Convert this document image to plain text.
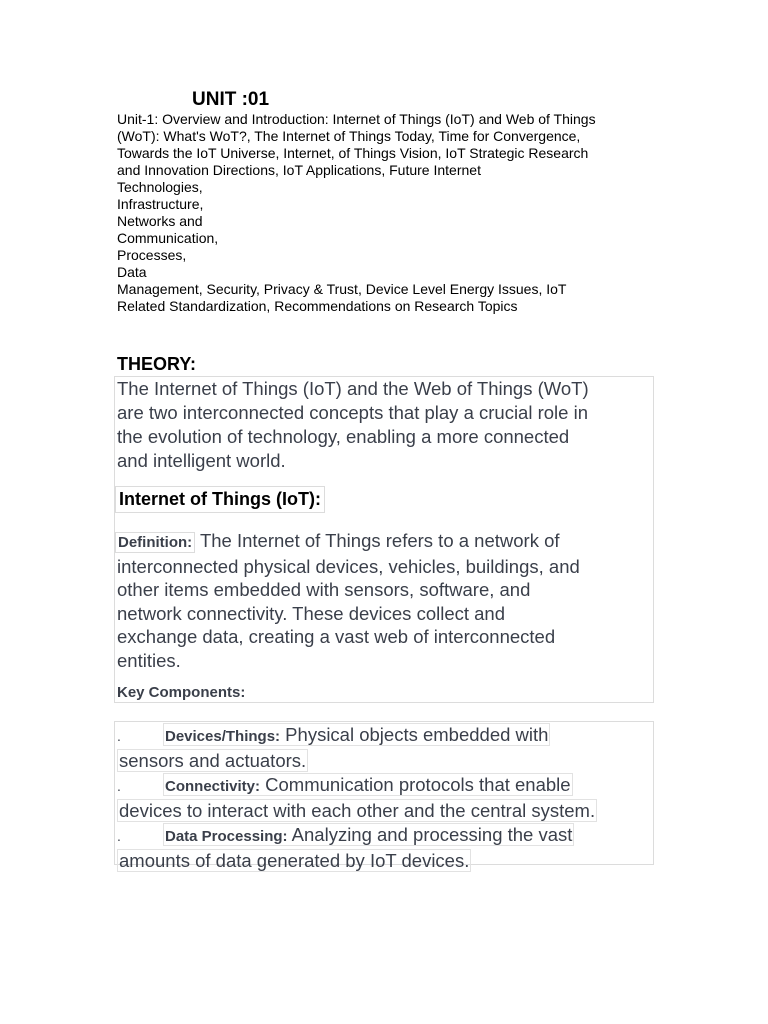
UNIT :01
Unit-1: Overview and Introduction: Internet of Things (IoT) and Web of Things
(WoT): What's WoT?, The Internet of Things Today, Time for Convergence,
Towards the IoT Universe, Internet, of Things Vision, IoT Strategic Research
and Innovation Directions, IoT Applications, Future Internet
Technologies,
Infrastructure,
Networks and
Communication,
Processes,
Data
Management, Security, Privacy & Trust, Device Level Energy Issues, IoT
Related Standardization, Recommendations on Research Topics
THEORY:
The Internet of Things (IoT) and the Web of Things (WoT)
are two interconnected concepts that play a crucial role in
the evolution of technology, enabling a more connected
and intelligent world.
Internet of Things (IoT):
Definition: The Internet of Things refers to a network of
interconnected physical devices, vehicles, buildings, and
other items embedded with sensors, software, and
network connectivity. These devices collect and
exchange data, creating a vast web of interconnected
entities.
Key Components:
.	Devices/Things: Physical objects embedded with
sensors and actuators.
.	Connectivity: Communication protocols that enable
devices to interact with each other and the central system.
.	Data Processing: Analyzing and processing the vast
amounts of data generated by IoT devices.
